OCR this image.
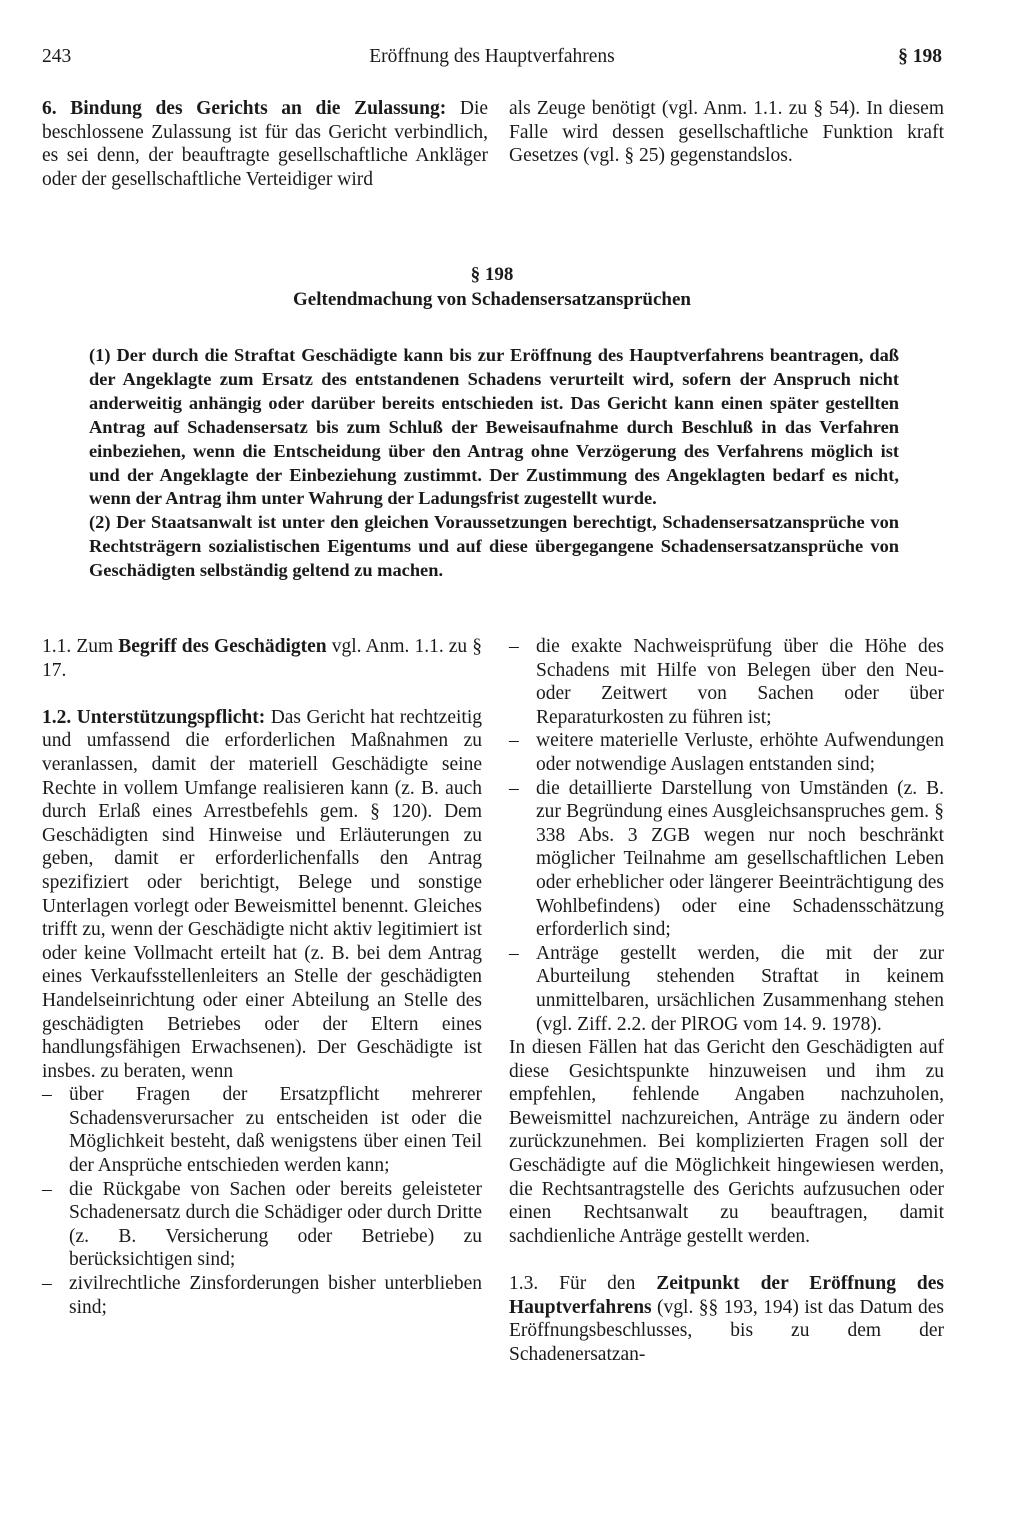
243	Eröffnung des Hauptverfahrens	§ 198

6. Bindung des Gerichts an die Zulassung: Die beschlossene Zulassung ist für das Gericht verbindlich, es sei denn, der beauftragte gesellschaftliche Ankläger oder der gesellschaftliche Verteidiger wird

als Zeuge benötigt (vgl. Anm. 1.1. zu § 54). In diesem Falle wird dessen gesellschaftliche Funktion kraft Gesetzes (vgl. § 25) gegenstandslos.

§ 198
Geltendmachung von Schadensersatzansprüchen

(1) Der durch die Straftat Geschädigte kann bis zur Eröffnung des Hauptverfahrens beantragen, daß der Angeklagte zum Ersatz des entstandenen Schadens verurteilt wird, sofern der Anspruch nicht anderweitig anhängig oder darüber bereits entschieden ist. Das Gericht kann einen später gestellten Antrag auf Schadensersatz bis zum Schluß der Beweisaufnahme durch Beschluß in das Verfahren einbeziehen, wenn die Entscheidung über den Antrag ohne Verzögerung des Verfahrens möglich ist und der Angeklagte der Einbeziehung zustimmt. Der Zustimmung des Angeklagten bedarf es nicht, wenn der Antrag ihm unter Wahrung der Ladungsfrist zugestellt wurde.

(2) Der Staatsanwalt ist unter den gleichen Voraussetzungen berechtigt, Schadensersatzansprüche von Rechtsträgern sozialistischen Eigentums und auf diese übergegangene Schadensersatzansprüche von Geschädigten selbständig geltend zu machen.

1.1. Zum Begriff des Geschädigten vgl. Anm. 1.1. zu § 17.

1.2. Unterstützungspflicht: Das Gericht hat rechtzeitig und umfassend die erforderlichen Maßnahmen zu veranlassen, damit der materiell Geschädigte seine Rechte in vollem Umfange realisieren kann (z. B. auch durch Erlaß eines Arrestbefehls gem. § 120). Dem Geschädigten sind Hinweise und Erläuterungen zu geben, damit er erforderlichenfalls den Antrag spezifiziert oder berichtigt, Belege und sonstige Unterlagen vorlegt oder Beweismittel benennt. Gleiches trifft zu, wenn der Geschädigte nicht aktiv legitimiert ist oder keine Vollmacht erteilt hat (z. B. bei dem Antrag eines Verkaufsstellenleiters an Stelle der geschädigten Handelseinrichtung oder einer Abteilung an Stelle des geschädigten Betriebes oder der Eltern eines handlungsfähigen Erwachsenen). Der Geschädigte ist insbes. zu beraten, wenn

– über Fragen der Ersatzpflicht mehrerer Schadensverursacher zu entscheiden ist oder die Möglichkeit besteht, daß wenigstens über einen Teil der Ansprüche entschieden werden kann;
– die Rückgabe von Sachen oder bereits geleisteter Schadenersatz durch die Schädiger oder durch Dritte (z. B. Versicherung oder Betriebe) zu berücksichtigen sind;
– zivilrechtliche Zinsforderungen bisher unterblieben sind;
– die exakte Nachweisprüfung über die Höhe des Schadens mit Hilfe von Belegen über den Neu- oder Zeitwert von Sachen oder über Reparaturkosten zu führen ist;
– weitere materielle Verluste, erhöhte Aufwendungen oder notwendige Auslagen entstanden sind;
– die detaillierte Darstellung von Umständen (z. B. zur Begründung eines Ausgleichsanspruches gem. § 338 Abs. 3 ZGB wegen nur noch beschränkt möglicher Teilnahme am gesellschaftlichen Leben oder erheblicher oder längerer Beeinträchtigung des Wohlbefindens) oder eine Schadensschätzung erforderlich sind;
– Anträge gestellt werden, die mit der zur Aburteilung stehenden Straftat in keinem unmittelbaren, ursächlichen Zusammenhang stehen (vgl. Ziff. 2.2. der PlROG vom 14. 9. 1978).

In diesen Fällen hat das Gericht den Geschädigten auf diese Gesichtspunkte hinzuweisen und ihm zu empfehlen, fehlende Angaben nachzuholen, Beweismittel nachzureichen, Anträge zu ändern oder zurückzunehmen. Bei komplizierten Fragen soll der Geschädigte auf die Möglichkeit hingewiesen werden, die Rechtsantragstelle des Gerichts aufzusuchen oder einen Rechtsanwalt zu beauftragen, damit sachdienliche Anträge gestellt werden.

1.3. Für den Zeitpunkt der Eröffnung des Hauptverfahrens (vgl. §§ 193, 194) ist das Datum des Eröffnungsbeschlusses, bis zu dem der Schadenersatzan-
